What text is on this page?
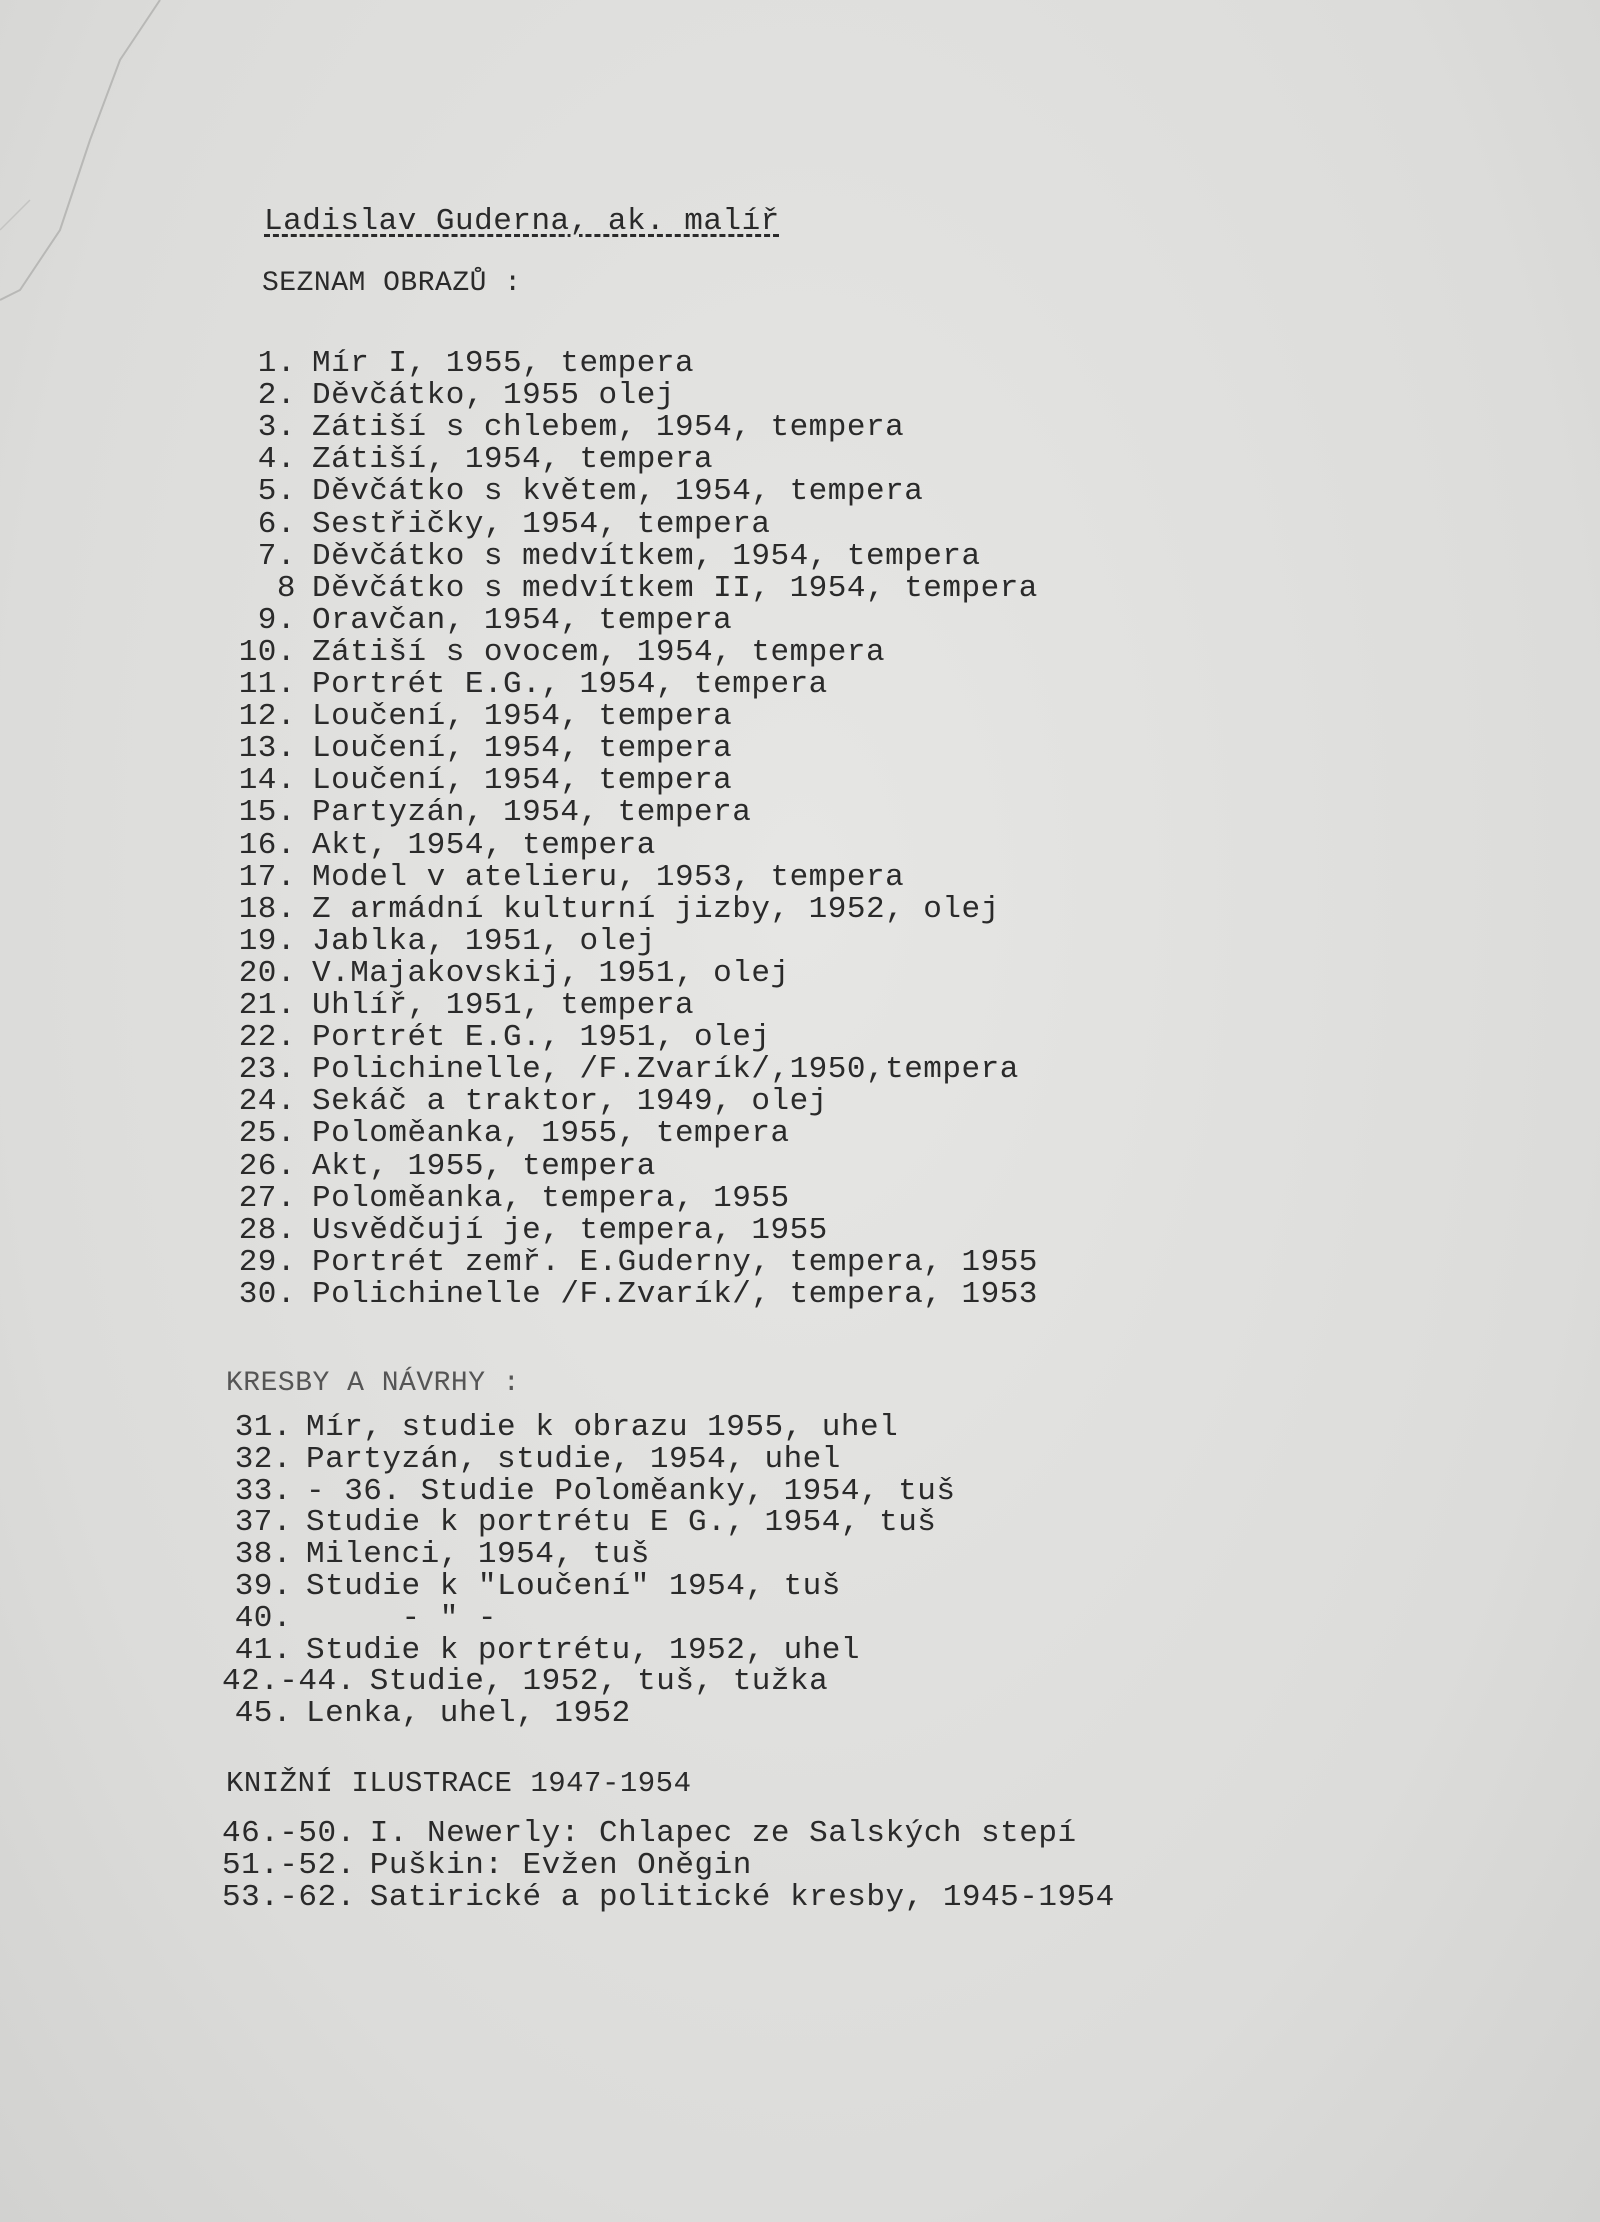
Ladislav Guderna, ak. malíř
SEZNAM OBRAZŮ :
1. Mír I, 1955, tempera
2. Děvčátko, 1955 olej
3. Zátiší s chlebem, 1954, tempera
4. Zátiší, 1954, tempera
5. Děvčátko s květem, 1954, tempera
6. Sestřičky, 1954, tempera
7. Děvčátko s medvítkem, 1954, tempera
8 Děvčátko s medvítkem II, 1954, tempera
9. Oravčan, 1954, tempera
10. Zátiší s ovocem, 1954, tempera
11. Portrét E.G., 1954, tempera
12. Loučení, 1954, tempera
13. Loučení, 1954, tempera
14. Loučení, 1954, tempera
15. Partyzán, 1954, tempera
16. Akt, 1954, tempera
17. Model v atelieru, 1953, tempera
18. Z armádní kulturní jizby, 1952, olej
19. Jablka, 1951, olej
20. V.Majakovskij, 1951, olej
21. Uhlíř, 1951, tempera
22. Portrét E.G., 1951, olej
23. Polichinelle, /F.Zvarík/,1950,tempera
24. Sekáč a traktor, 1949, olej
25. Poloměanka, 1955, tempera
26. Akt, 1955, tempera
27. Poloměanka, tempera, 1955
28. Usvědčují je, tempera, 1955
29. Portrét zemř. E.Guderny, tempera, 1955
30. Polichinelle /F.Zvarík/, tempera, 1953
KRESBY A NÁVRHY :
31. Mír, studie k obrazu 1955, uhel
32. Partyzán, studie, 1954, uhel
33. - 36. Studie Poloměanky, 1954, tuš
37. Studie k portrétu E G., 1954, tuš
38. Milenci, 1954, tuš
39. Studie k "Loučení" 1954, tuš
40.     - " -
41. Studie k portrétu, 1952, uhel
42.-44. Studie, 1952, tuš, tužka
45. Lenka, uhel, 1952
KNIŽNÍ ILUSTRACE 1947-1954
46.-50. I. Newerly: Chlapec ze Salských stepí
51.-52. Puškin: Evžen Oněgin
53.-62. Satirické a politické kresby, 1945-1954
